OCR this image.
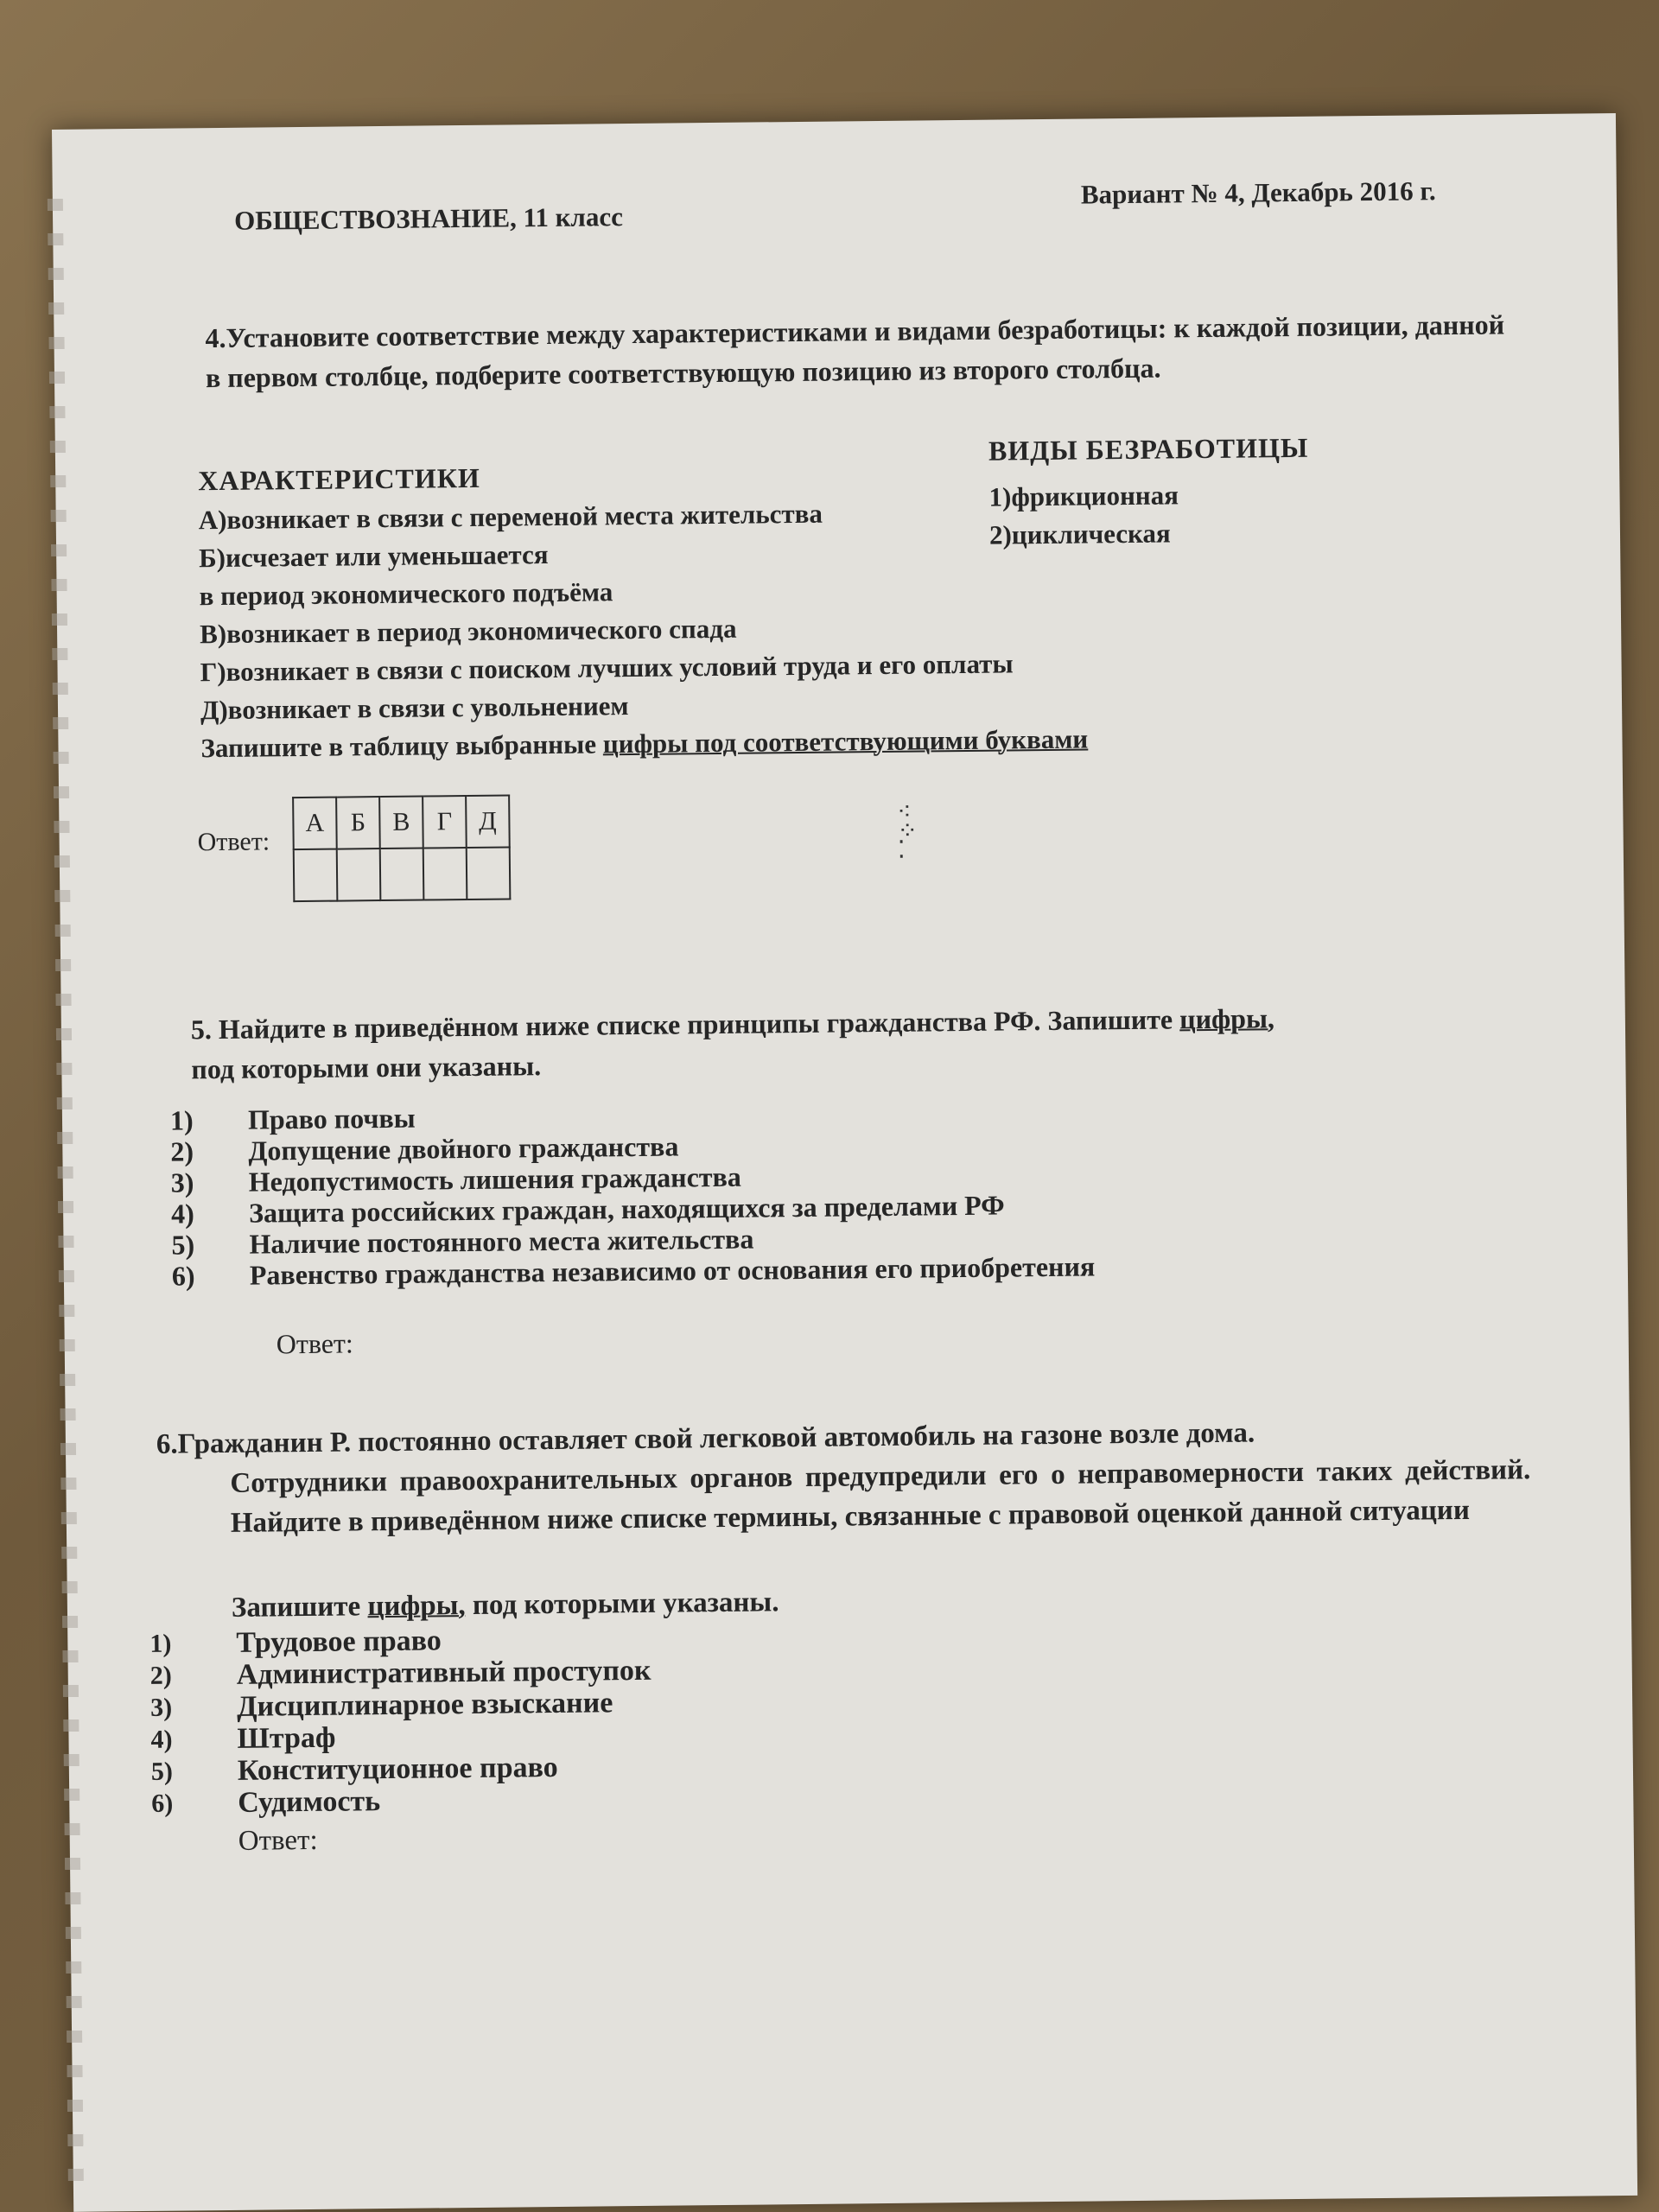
ОБЩЕСТВОЗНАНИЕ, 11 класс
Вариант № 4, Декабрь 2016 г.
4.Установите соответствие между характеристиками и видами безработицы: к каждой позиции, данной в первом столбце, подберите соответствующую позицию из второго столбца.
ХАРАКТЕРИСТИКИ
ВИДЫ БЕЗРАБОТИЦЫ
А)возникает в связи с переменой места жительства
Б)исчезает или уменьшается
в период экономического подъёма
В)возникает в период экономического спада
Г)возникает в связи с поиском лучших условий труда и его оплаты
Д)возникает в связи с увольнением
1)фрикционная
2)циклическая
Запишите в таблицу выбранные цифры под соответствующими буквами
Ответ:
А	Б	В	Г	Д
					⁖
⁘
⁚
5. Найдите в приведённом ниже списке принципы гражданства РФ. Запишите цифры,
под которыми они указаны.
1)	Право почвы
2)	Допущение двойного гражданства
3)	Недопустимость лишения гражданства
4)	Защита российских граждан, находящихся за пределами РФ
5)	Наличие постоянного места жительства
6)	Равенство гражданства независимо от основания его приобретения
Ответ:
6.Гражданин Р. постоянно оставляет свой легковой автомобиль на газоне возле дома.
Сотрудники правоохранительных органов предупредили его о неправомерности таких действий. Найдите в приведённом ниже списке термины, связанные с правовой оценкой данной ситуации
Запишите цифры, под которыми указаны.
1)	Трудовое право
2)	Административный проступок
3)	Дисциплинарное взыскание
4)	Штраф
5)	Конституционное право
6)	Судимость
Ответ:
